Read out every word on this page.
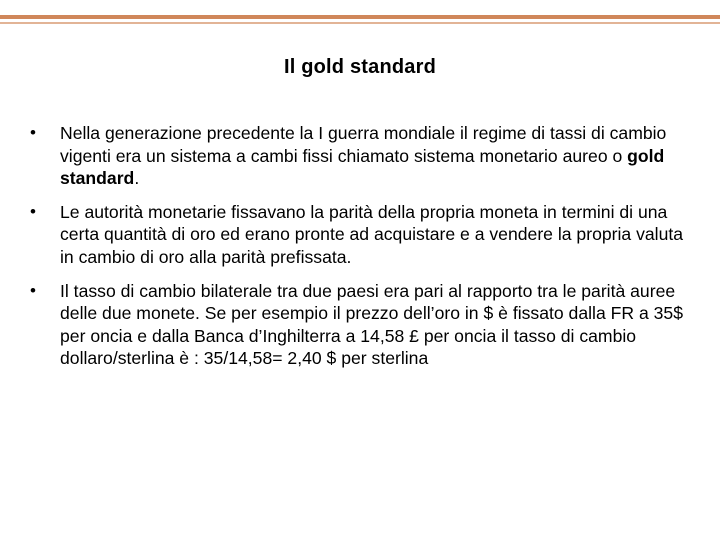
Il gold standard
•	Nella generazione precedente la I guerra mondiale il regime di tassi di cambio vigenti era un sistema a cambi fissi chiamato sistema monetario aureo o gold standard.
•	Le autorità monetarie fissavano la parità della propria moneta in termini di una certa quantità di oro ed erano pronte ad acquistare e a vendere la propria valuta in cambio di oro alla parità prefissata.
•	Il tasso di cambio bilaterale tra due paesi era pari al rapporto tra le parità auree delle due monete. Se per esempio il prezzo dell’oro in $ è fissato dalla FR a 35$ per oncia e dalla Banca d’Inghilterra a 14,58 £ per oncia il tasso di cambio dollaro/sterlina è : 35/14,58= 2,40 $ per sterlina
